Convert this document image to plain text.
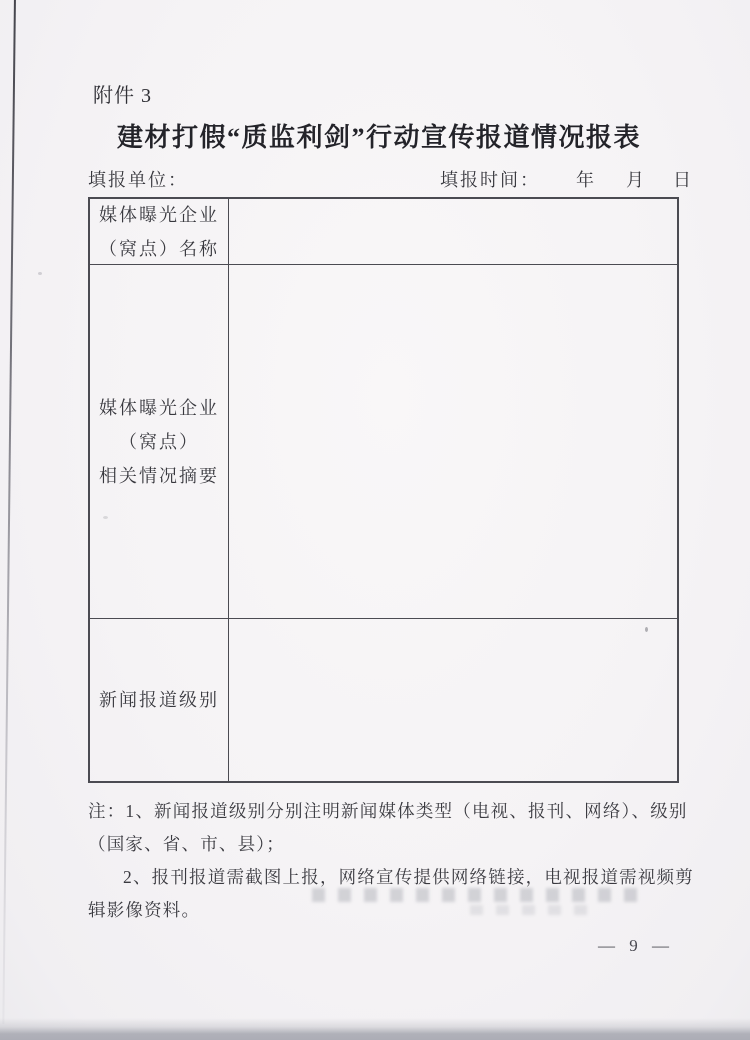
附件 3
建材打假“质监利剑”行动宣传报道情况报表
填报单位：	填报时间： 年 月 日
媒体曝光企业
（窝点）名称
媒体曝光企业
（窝点）
相关情况摘要
新闻报道级别
注：1、新闻报道级别分别注明新闻媒体类型（电视、报刊、网络）、级别
（国家、省、市、县）；
2、报刊报道需截图上报，网络宣传提供网络链接，电视报道需视频剪
辑影像资料。
— 9 —
